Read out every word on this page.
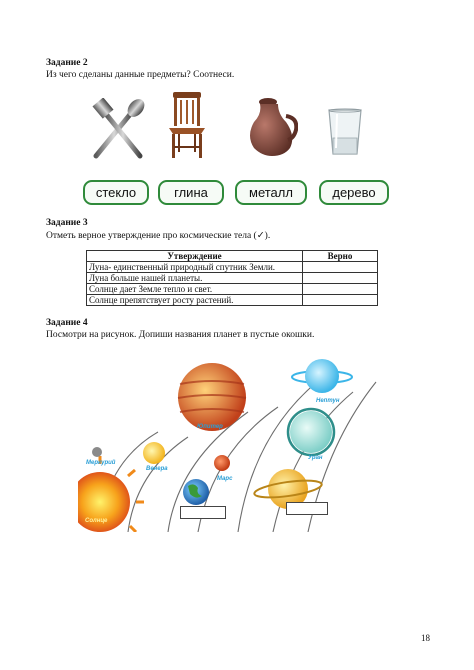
Задание 2
Из чего сделаны данные предметы? Соотнеси.
стекло	глина	металл	дерево
Задание 3
Отметь верное утверждение про космические тела (✓).
Утверждение	Верно
Луна- единственный природный спутник Земли.	
Луна больше нашей планеты.	
Солнце дает Земле тепло и свет.	
Солнце препятствует росту растений.	
Задание 4
Посмотри на рисунок. Допиши названия планет в пустые окошки.
Нептун
Юпитер
Уран
Меркурий
Венера
Марс
Солнце
18
